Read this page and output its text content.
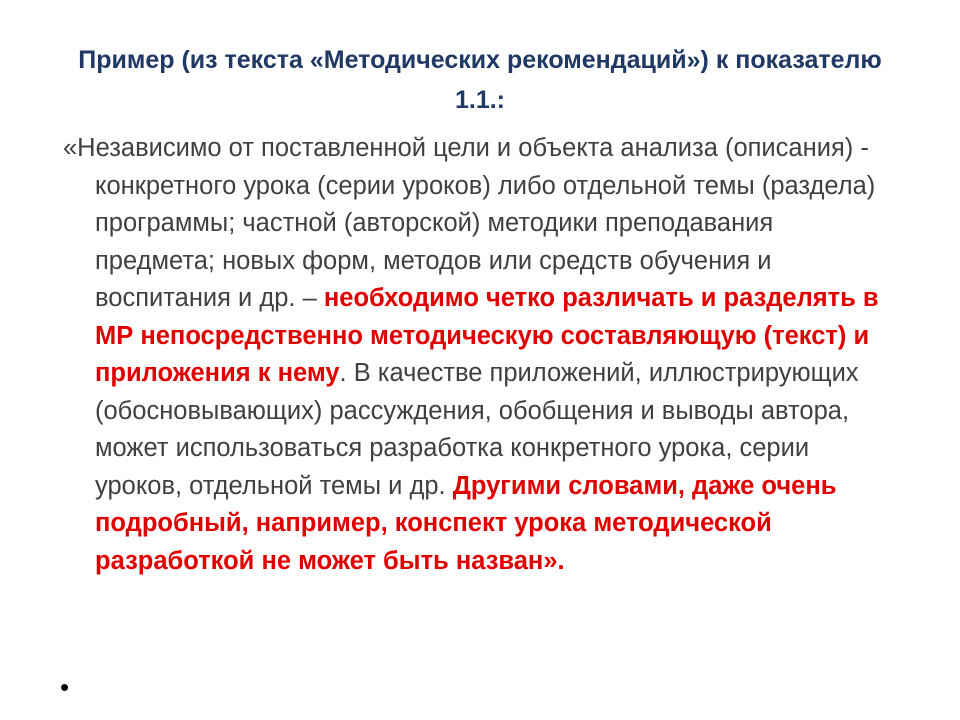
Пример (из текста «Методических рекомендаций») к показателю 1.1.:

«Независимо от поставленной цели и объекта анализа (описания) - конкретного урока (серии уроков) либо отдельной темы (раздела) программы; частной (авторской) методики преподавания предмета; новых форм, методов или средств обучения и воспитания и др. – необходимо четко различать и разделять в МР непосредственно методическую составляющую (текст) и приложения к нему. В качестве приложений, иллюстрирующих (обосновывающих) рассуждения, обобщения и выводы автора, может использоваться разработка конкретного урока, серии уроков, отдельной темы и др. Другими словами, даже очень подробный, например, конспект урока методической разработкой не может быть назван».

•
